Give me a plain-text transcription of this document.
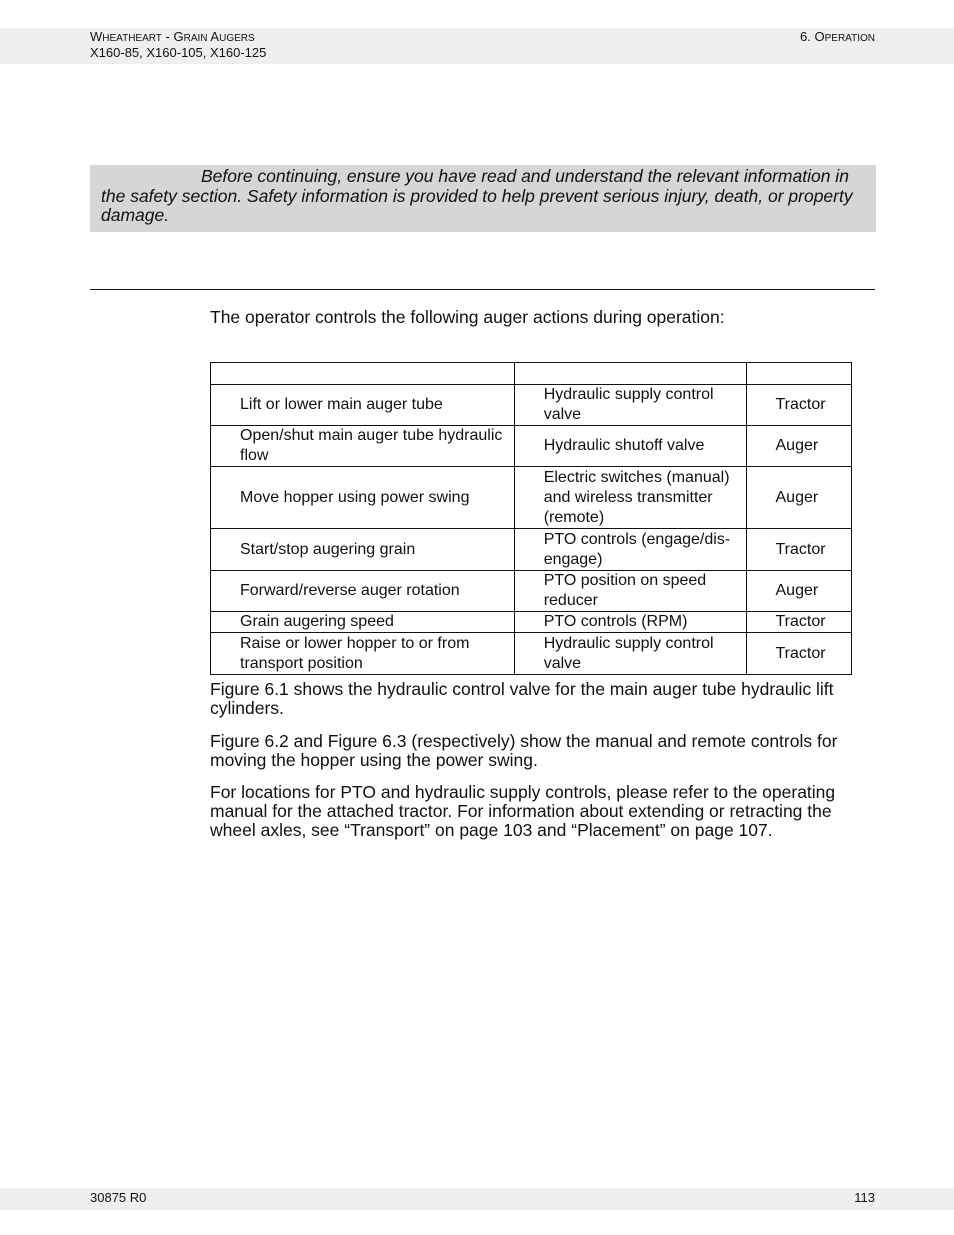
WHEATHEART - GRAIN AUGERS
X160-85, X160-105, X160-125
6. OPERATION
Before continuing, ensure you have read and understand the relevant information in the safety section. Safety information is provided to help prevent serious injury, death, or property damage.
The operator controls the following auger actions during operation:

Lift or lower main auger tube	Hydraulic supply control valve	Tractor
Open/shut main auger tube hydraulic flow	Hydraulic shutoff valve	Auger
Move hopper using power swing	Electric switches (manual) and wireless transmitter (remote)	Auger
Start/stop augering grain	PTO controls (engage/dis-engage)	Tractor
Forward/reverse auger rotation	PTO position on speed reducer	Auger
Grain augering speed	PTO controls (RPM)	Tractor
Raise or lower hopper to or from transport position	Hydraulic supply control valve	Tractor
Figure 6.1 shows the hydraulic control valve for the main auger tube hydraulic lift cylinders.
Figure 6.2 and Figure 6.3 (respectively) show the manual and remote controls for moving the hopper using the power swing.
For locations for PTO and hydraulic supply controls, please refer to the operating manual for the attached tractor. For information about extending or retracting the wheel axles, see “Transport” on page 103 and “Placement” on page 107.
30875 R0	113
